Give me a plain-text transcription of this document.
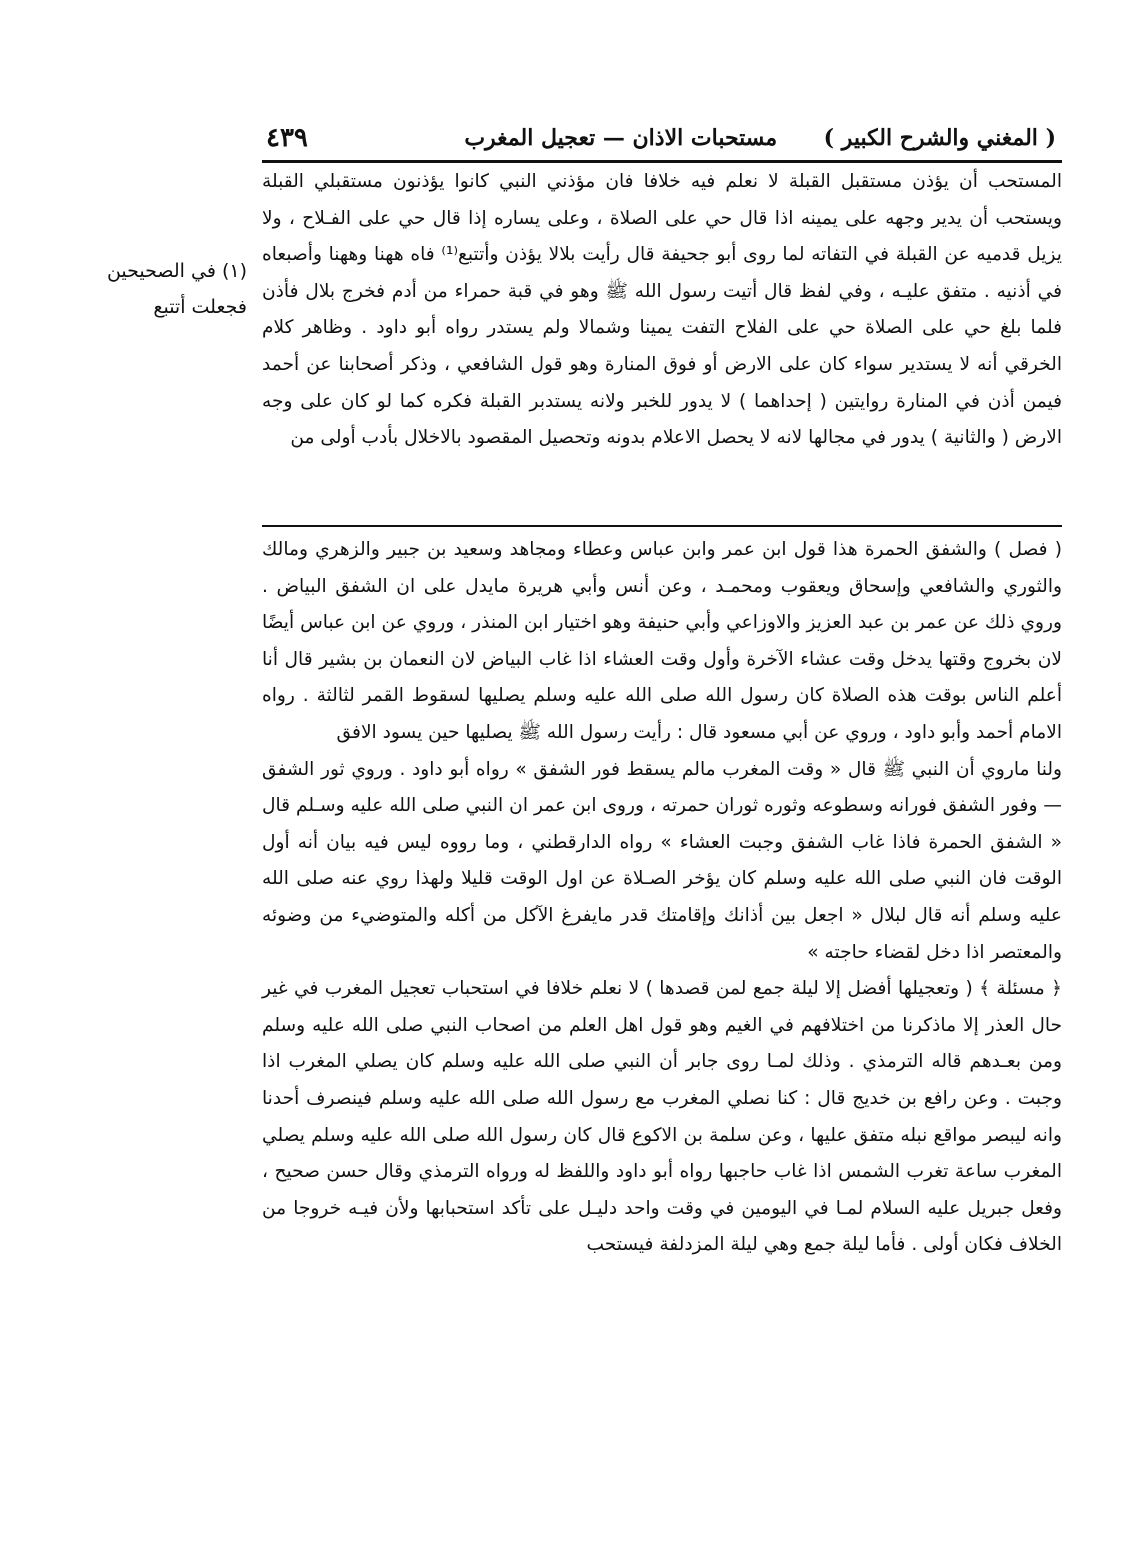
( المغني والشرح الكبير )
مستحبات الاذان — تعجيل المغرب
٤٣٩

المستحب أن يؤذن مستقبل القبلة لا نعلم فيه خلافا فان مؤذني النبي كانوا يؤذنون مستقبلي القبلة ويستحب أن يدير وجهه على يمينه اذا قال حي على الصلاة ، وعلى يساره إذا قال حي على الفـلاح ، ولا يزيل قدميه عن القبلة في التفاته لما روى أبو جحيفة قال رأيت بلالا يؤذن وأتتبع⁽¹⁾ فاه ههنا وههنا وأصبعاه في أذنيه . متفق عليـه ، وفي لفظ قال أتيت رسول الله ﷺ وهو في قبة حمراء من أدم فخرج بلال فأذن فلما بلغ حي على الصلاة حي على الفلاح التفت يمينا وشمالا ولم يستدر رواه أبو داود . وظاهر كلام الخرقي أنه لا يستدير سواء كان على الارض أو فوق المنارة وهو قول الشافعي ، وذكر أصحابنا عن أحمد فيمن أذن في المنارة روايتين ( إحداهما ) لا يدور للخبر ولانه يستدبر القبلة فكره كما لو كان على وجه الارض ( والثانية ) يدور في مجالها لانه لا يحصل الاعلام بدونه وتحصيل المقصود بالاخلال بأدب أولى من

( فصل ) والشفق الحمرة هذا قول ابن عمر وابن عباس وعطاء ومجاهد وسعيد بن جبير والزهري ومالك والثوري والشافعي وإسحاق ويعقوب ومحمـد ، وعن أنس وأبي هريرة مايدل على ان الشفق البياض . وروي ذلك عن عمر بن عبد العزيز والاوزاعي وأبي حنيفة وهو اختيار ابن المنذر ، وروي عن ابن عباس أيضًا لان بخروج وقتها يدخل وقت عشاء الآخرة وأول وقت العشاء اذا غاب البياض لان النعمان بن بشير قال أنا أعلم الناس بوقت هذه الصلاة كان رسول الله صلى الله عليه وسلم يصليها لسقوط القمر لثالثة . رواه الامام أحمد وأبو داود ، وروي عن أبي مسعود قال : رأيت رسول الله ﷺ يصليها حين يسود الافق

ولنا ماروي أن النبي ﷺ قال « وقت المغرب مالم يسقط فور الشفق » رواه أبو داود . وروي ثور الشفق — وفور الشفق فورانه وسطوعه وثوره ثوران حمرته ، وروى ابن عمر ان النبي صلى الله عليه وسـلم قال « الشفق الحمرة فاذا غاب الشفق وجبت العشاء » رواه الدارقطني ، وما رووه ليس فيه بيان أنه أول الوقت فان النبي صلى الله عليه وسلم كان يؤخر الصـلاة عن اول الوقت قليلا ولهذا روي عنه صلى الله عليه وسلم أنه قال لبلال « اجعل بين أذانك وإقامتك قدر مايفرغ الآكل من أكله والمتوضيء من وضوئه والمعتصر اذا دخل لقضاء حاجته »

﴿ مسئلة ﴾ ( وتعجيلها أفضل إلا ليلة جمع لمن قصدها ) لا نعلم خلافا في استحباب تعجيل المغرب في غير حال العذر إلا ماذكرنا من اختلافهم في الغيم وهو قول اهل العلم من اصحاب النبي صلى الله عليه وسلم ومن بعـدهم قاله الترمذي . وذلك لمـا روى جابر أن النبي صلى الله عليه وسلم كان يصلي المغرب اذا وجبت . وعن رافع بن خديج قال : كنا نصلي المغرب مع رسول الله صلى الله عليه وسلم فينصرف أحدنا وانه ليبصر مواقع نبله متفق عليها ، وعن سلمة بن الاكوع قال كان رسول الله صلى الله عليه وسلم يصلي المغرب ساعة تغرب الشمس اذا غاب حاجبها رواه أبو داود واللفظ له ورواه الترمذي وقال حسن صحيح ، وفعل جبريل عليه السلام لمـا في اليومين في وقت واحد دليـل على تأكد استحبابها ولأن فيـه خروجا من الخلاف فكان أولى . فأما ليلة جمع وهي ليلة المزدلفة فيستحب

(١) في الصحيحين
فجعلت أتتبع
